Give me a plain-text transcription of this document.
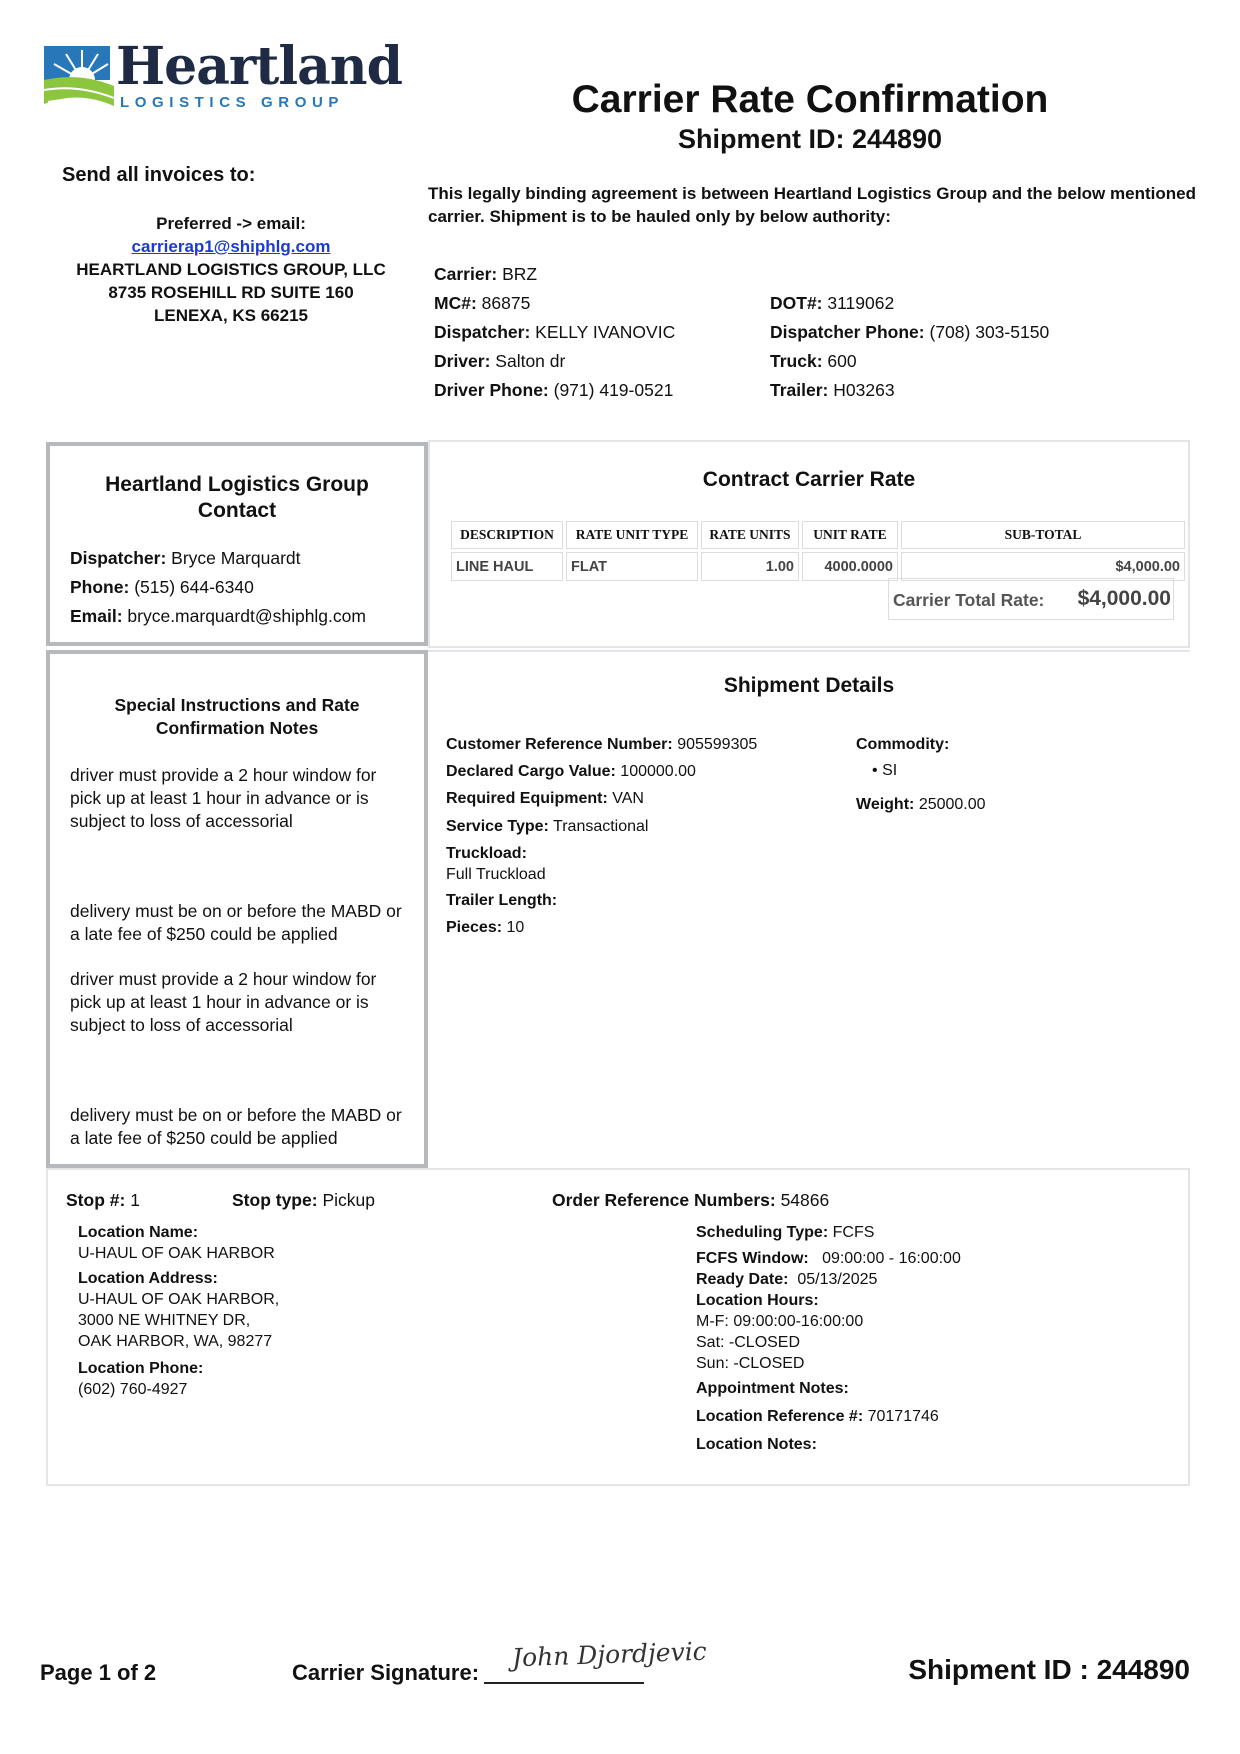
Heartland
LOGISTICS GROUP	Carrier Rate Confirmation
Shipment ID: 244890
Send all invoices to:
Preferred -> email:
carrierap1@shiphlg.com
HEARTLAND LOGISTICS GROUP, LLC
8735 ROSEHILL RD SUITE 160
LENEXA, KS 66215
This legally binding agreement is between Heartland Logistics Group and the below mentioned carrier. Shipment is to be hauled only by below authority:
Carrier: BRZ
MC#: 86875	DOT#: 3119062
Dispatcher: KELLY IVANOVIC	Dispatcher Phone: (708) 303-5150
Driver: Salton dr	Truck: 600
Driver Phone: (971) 419-0521	Trailer: H03263
Heartland Logistics Group
Contact
Dispatcher: Bryce Marquardt
Phone: (515) 644-6340
Email: bryce.marquardt@shiphlg.com
Contract Carrier Rate
DESCRIPTION	RATE UNIT TYPE	RATE UNITS	UNIT RATE	SUB-TOTAL
LINE HAUL	FLAT	1.00	4000.0000	$4,000.00
Carrier Total Rate: $4,000.00
Special Instructions and Rate
Confirmation Notes
driver must provide a 2 hour window for pick up at least 1 hour in advance or is subject to loss of accessorial
delivery must be on or before the MABD or a late fee of $250 could be applied
driver must provide a 2 hour window for pick up at least 1 hour in advance or is subject to loss of accessorial
delivery must be on or before the MABD or a late fee of $250 could be applied
Shipment Details
Customer Reference Number: 905599305
Declared Cargo Value: 100000.00
Required Equipment: VAN
Service Type: Transactional
Truckload:
Full Truckload
Trailer Length:
Pieces: 10
Commodity:
• SI
Weight: 25000.00
Stop #: 1	Stop type: Pickup	Order Reference Numbers: 54866
Location Name:
U-HAUL OF OAK HARBOR
Location Address:
U-HAUL OF OAK HARBOR,
3000 NE WHITNEY DR,
OAK HARBOR, WA, 98277
Location Phone:
(602) 760-4927
Scheduling Type: FCFS
FCFS Window: 09:00:00 - 16:00:00
Ready Date: 05/13/2025
Location Hours:
M-F: 09:00:00-16:00:00
Sat: -CLOSED
Sun: -CLOSED
Appointment Notes:
Location Reference #: 70171746
Location Notes:
Page 1 of 2	Carrier Signature:
John Djordjevic	Shipment ID : 244890
